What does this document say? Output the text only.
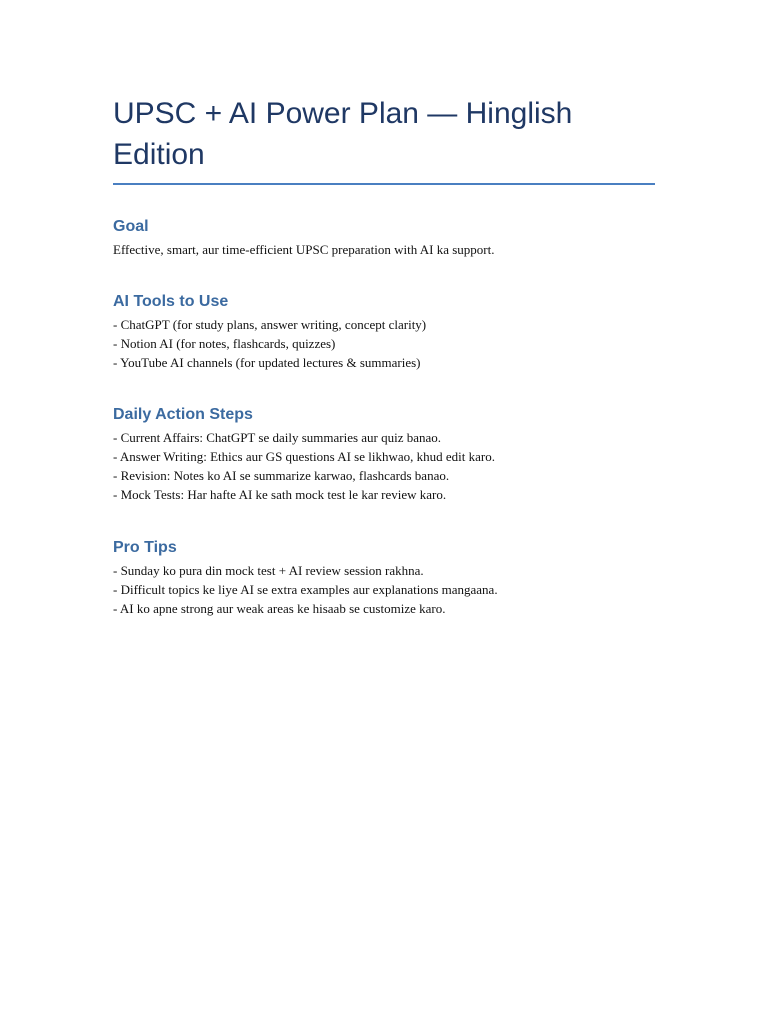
UPSC + AI Power Plan — Hinglish Edition
Goal

Effective, smart, aur time-efficient UPSC preparation with AI ka support.

AI Tools to Use
- ChatGPT (for study plans, answer writing, concept clarity)
- Notion AI (for notes, flashcards, quizzes)
- YouTube AI channels (for updated lectures & summaries)
Daily Action Steps
- Current Affairs: ChatGPT se daily summaries aur quiz banao.
- Answer Writing: Ethics aur GS questions AI se likhwao, khud edit karo.
- Revision: Notes ko AI se summarize karwao, flashcards banao.
- Mock Tests: Har hafte AI ke sath mock test le kar review karo.
Pro Tips
- Sunday ko pura din mock test + AI review session rakhna.
- Difficult topics ke liye AI se extra examples aur explanations mangaana.
- AI ko apne strong aur weak areas ke hisaab se customize karo.
